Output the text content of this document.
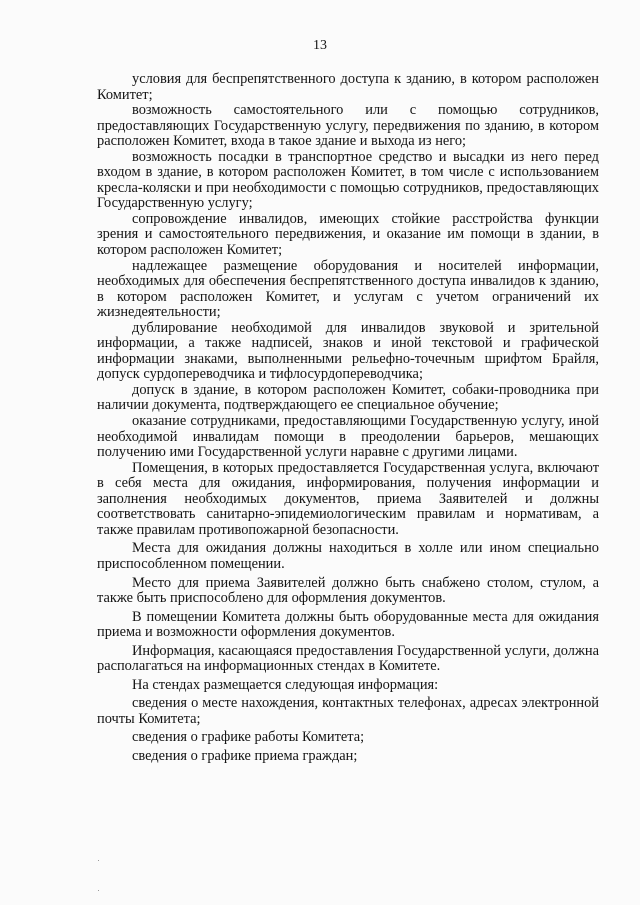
13

условия для беспрепятственного доступа к зданию, в котором расположен Комитет;

возможность самостоятельного или с помощью сотрудников, предоставляющих Государственную услугу, передвижения по зданию, в котором расположен Комитет, входа в такое здание и выхода из него;

возможность посадки в транспортное средство и высадки из него перед входом в здание, в котором расположен Комитет, в том числе с использованием кресла-коляски и при необходимости с помощью сотрудников, предоставляющих Государственную услугу;

сопровождение инвалидов, имеющих стойкие расстройства функции зрения и самостоятельного передвижения, и оказание им помощи в здании, в котором расположен Комитет;

надлежащее размещение оборудования и носителей информации, необходимых для обеспечения беспрепятственного доступа инвалидов к зданию, в котором расположен Комитет, и услугам с учетом ограничений их жизнедеятельности;

дублирование необходимой для инвалидов звуковой и зрительной информации, а также надписей, знаков и иной текстовой и графической информации знаками, выполненными рельефно-точечным шрифтом Брайля, допуск сурдопереводчика и тифлосурдопереводчика;

допуск в здание, в котором расположен Комитет, собаки-проводника при наличии документа, подтверждающего ее специальное обучение;

оказание сотрудниками, предоставляющими Государственную услугу, иной необходимой инвалидам помощи в преодолении барьеров, мешающих получению ими Государственной услуги наравне с другими лицами.

Помещения, в которых предоставляется Государственная услуга, включают в себя места для ожидания, информирования, получения информации и заполнения необходимых документов, приема Заявителей и должны соответствовать санитарно-эпидемиологическим правилам и нормативам, а также правилам противопожарной безопасности.

Места для ожидания должны находиться в холле или ином специально приспособленном помещении.

Место для приема Заявителей должно быть снабжено столом, стулом, а также быть приспособлено для оформления документов.

В помещении Комитета должны быть оборудованные места для ожидания приема и возможности оформления документов.

Информация, касающаяся предоставления Государственной услуги, должна располагаться на информационных стендах в Комитете.

На стендах размещается следующая информация:

сведения о месте нахождения, контактных телефонах, адресах электронной почты Комитета;

сведения о графике работы Комитета;

сведения о графике приема граждан;
